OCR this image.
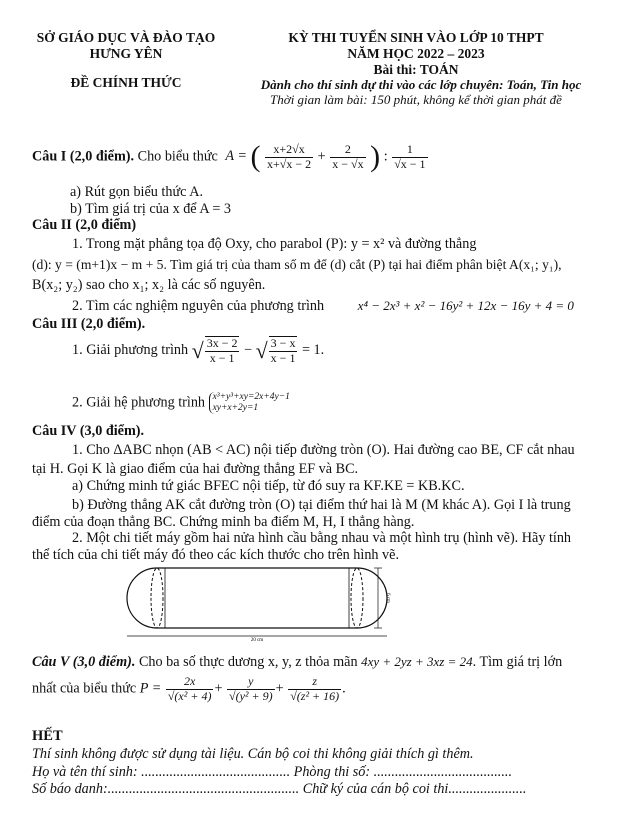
SỞ GIÁO DỤC VÀ ĐÀO TẠO
HƯNG YÊN
ĐỀ CHÍNH THỨC
KỲ THI TUYỂN SINH VÀO LỚP 10 THPT
NĂM HỌC 2022 – 2023
Bài thi: TOÁN
Dành cho thí sinh dự thi vào các lớp chuyên: Toán, Tin học
Thời gian làm bài: 150 phút, không kể thời gian phát đề
Câu I (2,0 điểm). Cho biểu thức A = ( $\frac{x+2√x}{x+√x - 2} + \frac{2}{x - √x}$ ) : $\frac{1}{√x - 1}$
a) Rút gọn biểu thức A.
b) Tìm giá trị của x để A = 3
Câu II (2,0 điểm)
1. Trong mặt phẳng tọa độ Oxy, cho parabol (P): y = x² và đường thẳng
(d): y = (m+1)x − m + 5. Tìm giá trị của tham số m để (d) cắt (P) tại hai điểm phân biệt A(x₁; y₁),
B(x₂; y₂) sao cho x₁; x₂ là các số nguyên.
2. Tìm các nghiệm nguyên của phương trình	x⁴ − 2x³ + x² − 16y² + 12x − 16y + 4 = 0
Câu III (2,0 điểm).
1. Giải phương trình √ $\frac{3x - 2}{x - 1}$ − √ $\frac{3 - x}{x - 1} = 1$.
2. Giải hệ phương trình x³+y³+xy=2x+4y−1
xy+x+2y=1
Câu IV (3,0 điểm).
1. Cho ΔABC nhọn (AB < AC) nội tiếp đường tròn (O). Hai đường cao BE, CF cắt nhau
tại H. Gọi K là giao điểm của hai đường thẳng EF và BC.
a) Chứng minh tứ giác BFEC nội tiếp, từ đó suy ra KF.KE = KB.KC.
b) Đường thẳng AK cắt đường tròn (O) tại điểm thứ hai là M (M khác A). Gọi I là trung
điểm của đoạn thẳng BC. Chứng minh ba điểm M, H, I thẳng hàng.
2. Một chi tiết máy gồm hai nửa hình cầu bằng nhau và một hình trụ (hình vẽ). Hãy tính
thể tích của chi tiết máy đó theo các kích thước cho trên hình vẽ.
6 cm
20 cm
Câu V (3,0 điểm). Cho ba số thực dương x, y, z thỏa mãn 4xy + 2yz + 3xz = 24. Tìm giá trị lớn
nhất của biểu thức $P = \frac{2x}{\text{√(x² + 4)}} + \frac{y}{\text{√(y² + 9)}} + \frac{z}{\text{√(z² + 16)}}$ .
HẾT
Thí sinh không được sử dụng tài liệu. Cán bộ coi thi không giải thích gì thêm.
Họ và tên thí sinh: .......................................... Phòng thi số: .......................................
Số báo danh:...................................................... Chữ ký của cán bộ coi thi......................
